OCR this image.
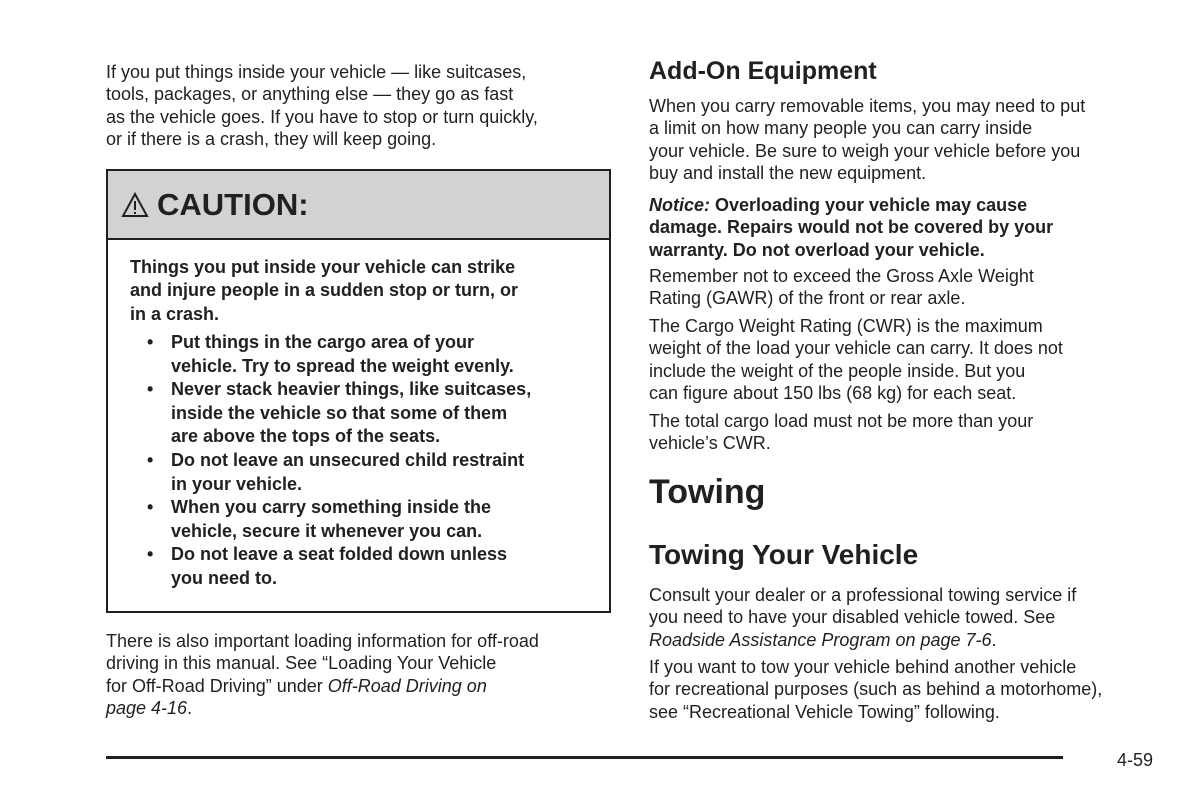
If you put things inside your vehicle — like suitcases,
tools, packages, or anything else — they go as fast
as the vehicle goes. If you have to stop or turn quickly,
or if there is a crash, they will keep going.
CAUTION:
Things you put inside your vehicle can strike
and injure people in a sudden stop or turn, or
in a crash.
• Put things in the cargo area of your
vehicle. Try to spread the weight evenly.
• Never stack heavier things, like suitcases,
inside the vehicle so that some of them
are above the tops of the seats.
• Do not leave an unsecured child restraint
in your vehicle.
• When you carry something inside the
vehicle, secure it whenever you can.
• Do not leave a seat folded down unless
you need to.
There is also important loading information for off-road
driving in this manual. See “Loading Your Vehicle
for Off-Road Driving” under Off-Road Driving on
page 4-16.
Add-On Equipment
When you carry removable items, you may need to put
a limit on how many people you can carry inside
your vehicle. Be sure to weigh your vehicle before you
buy and install the new equipment.
Notice: Overloading your vehicle may cause
damage. Repairs would not be covered by your
warranty. Do not overload your vehicle.
Remember not to exceed the Gross Axle Weight
Rating (GAWR) of the front or rear axle.
The Cargo Weight Rating (CWR) is the maximum
weight of the load your vehicle can carry. It does not
include the weight of the people inside. But you
can figure about 150 lbs (68 kg) for each seat.
The total cargo load must not be more than your
vehicle’s CWR.
Towing
Towing Your Vehicle
Consult your dealer or a professional towing service if
you need to have your disabled vehicle towed. See
Roadside Assistance Program on page 7-6.
If you want to tow your vehicle behind another vehicle
for recreational purposes (such as behind a motorhome),
see “Recreational Vehicle Towing” following.
4-59
